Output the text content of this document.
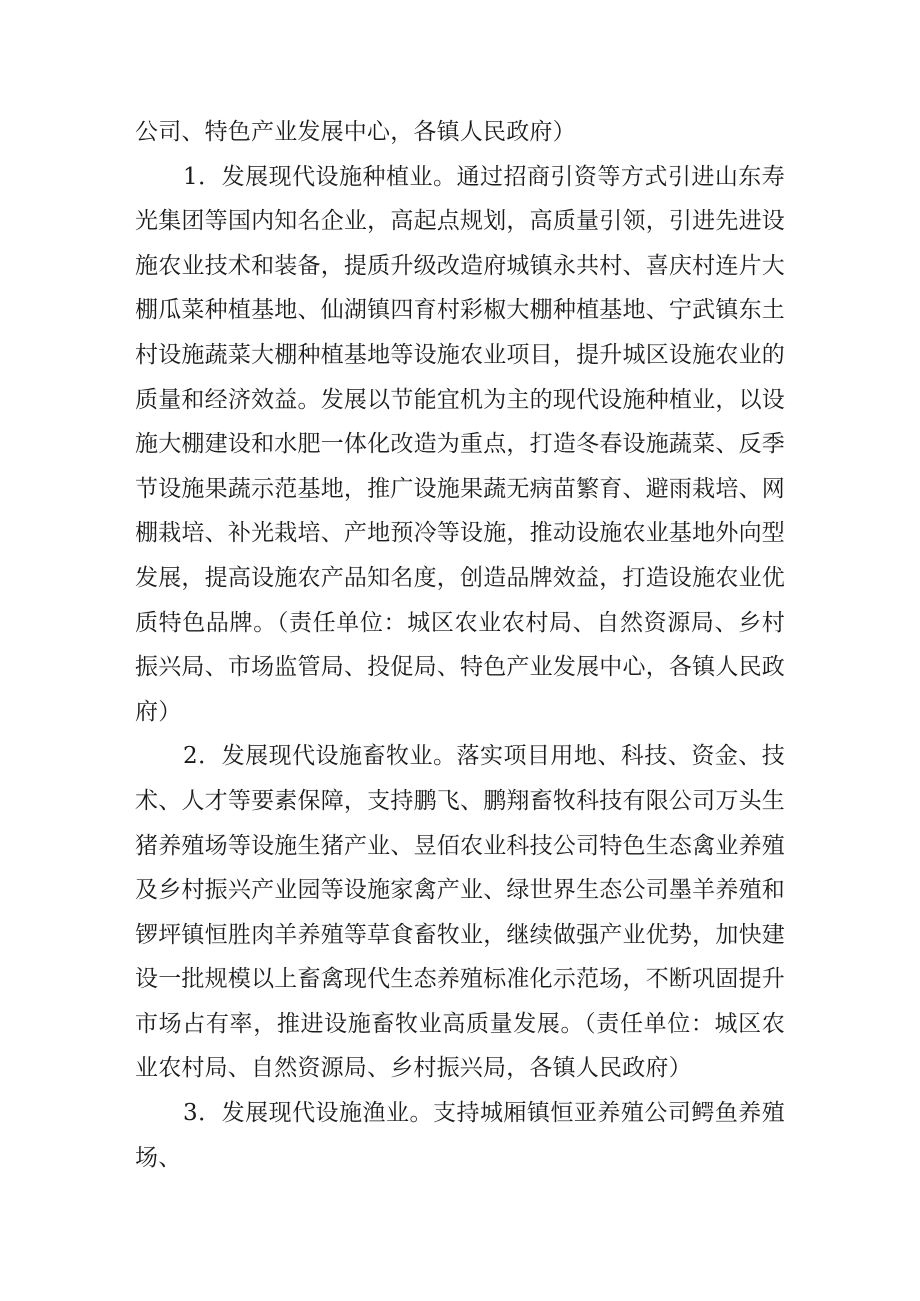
公司、特色产业发展中心，各镇人民政府）

1．发展现代设施种植业。通过招商引资等方式引进山东寿光集团等国内知名企业，高起点规划，高质量引领，引进先进设施农业技术和装备，提质升级改造府城镇永共村、喜庆村连片大棚瓜菜种植基地、仙湖镇四育村彩椒大棚种植基地、宁武镇东土村设施蔬菜大棚种植基地等设施农业项目，提升城区设施农业的质量和经济效益。发展以节能宜机为主的现代设施种植业，以设施大棚建设和水肥一体化改造为重点，打造冬春设施蔬菜、反季节设施果蔬示范基地，推广设施果蔬无病苗繁育、避雨栽培、网棚栽培、补光栽培、产地预冷等设施，推动设施农业基地外向型发展，提高设施农产品知名度，创造品牌效益，打造设施农业优质特色品牌。（责任单位：城区农业农村局、自然资源局、乡村振兴局、市场监管局、投促局、特色产业发展中心，各镇人民政府）

2．发展现代设施畜牧业。落实项目用地、科技、资金、技术、人才等要素保障，支持鹏飞、鹏翔畜牧科技有限公司万头生猪养殖场等设施生猪产业、昱佰农业科技公司特色生态禽业养殖及乡村振兴产业园等设施家禽产业、绿世界生态公司墨羊养殖和锣坪镇恒胜肉羊养殖等草食畜牧业，继续做强产业优势，加快建设一批规模以上畜禽现代生态养殖标准化示范场，不断巩固提升市场占有率，推进设施畜牧业高质量发展。（责任单位：城区农业农村局、自然资源局、乡村振兴局，各镇人民政府）

3．发展现代设施渔业。支持城厢镇恒亚养殖公司鳄鱼养殖场、
